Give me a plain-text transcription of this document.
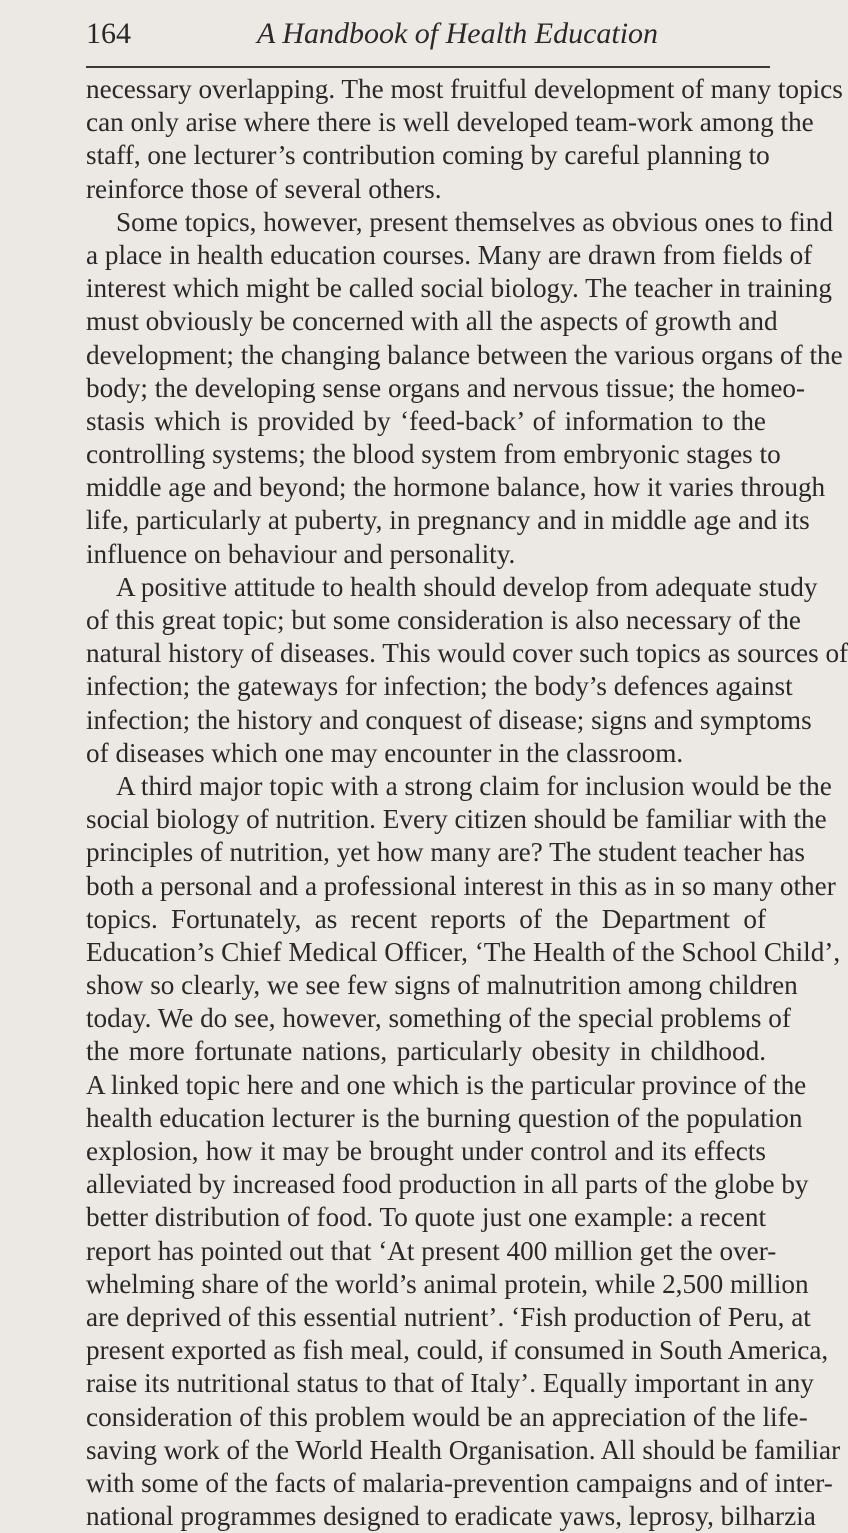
164	A Handbook of Health Education
necessary overlapping. The most fruitful development of many topics
can only arise where there is well developed team-work among the
staff, one lecturer’s contribution coming by careful planning to
reinforce those of several others.
Some topics, however, present themselves as obvious ones to find
a place in health education courses. Many are drawn from fields of
interest which might be called social biology. The teacher in training
must obviously be concerned with all the aspects of growth and
development; the changing balance between the various organs of the
body; the developing sense organs and nervous tissue; the homeo-
stasis which is provided by ‘feed-back’ of information to the
controlling systems; the blood system from embryonic stages to
middle age and beyond; the hormone balance, how it varies through
life, particularly at puberty, in pregnancy and in middle age and its
influence on behaviour and personality.
A positive attitude to health should develop from adequate study
of this great topic; but some consideration is also necessary of the
natural history of diseases. This would cover such topics as sources of
infection; the gateways for infection; the body’s defences against
infection; the history and conquest of disease; signs and symptoms
of diseases which one may encounter in the classroom.
A third major topic with a strong claim for inclusion would be the
social biology of nutrition. Every citizen should be familiar with the
principles of nutrition, yet how many are? The student teacher has
both a personal and a professional interest in this as in so many other
topics. Fortunately, as recent reports of the Department of
Education’s Chief Medical Officer, ‘The Health of the School Child’,
show so clearly, we see few signs of malnutrition among children
today. We do see, however, something of the special problems of
the more fortunate nations, particularly obesity in childhood.
A linked topic here and one which is the particular province of the
health education lecturer is the burning question of the population
explosion, how it may be brought under control and its effects
alleviated by increased food production in all parts of the globe by
better distribution of food. To quote just one example: a recent
report has pointed out that ‘At present 400 million get the over-
whelming share of the world’s animal protein, while 2,500 million
are deprived of this essential nutrient’. ‘Fish production of Peru, at
present exported as fish meal, could, if consumed in South America,
raise its nutritional status to that of Italy’. Equally important in any
consideration of this problem would be an appreciation of the life-
saving work of the World Health Organisation. All should be familiar
with some of the facts of malaria-prevention campaigns and of inter-
national programmes designed to eradicate yaws, leprosy, bilharzia
